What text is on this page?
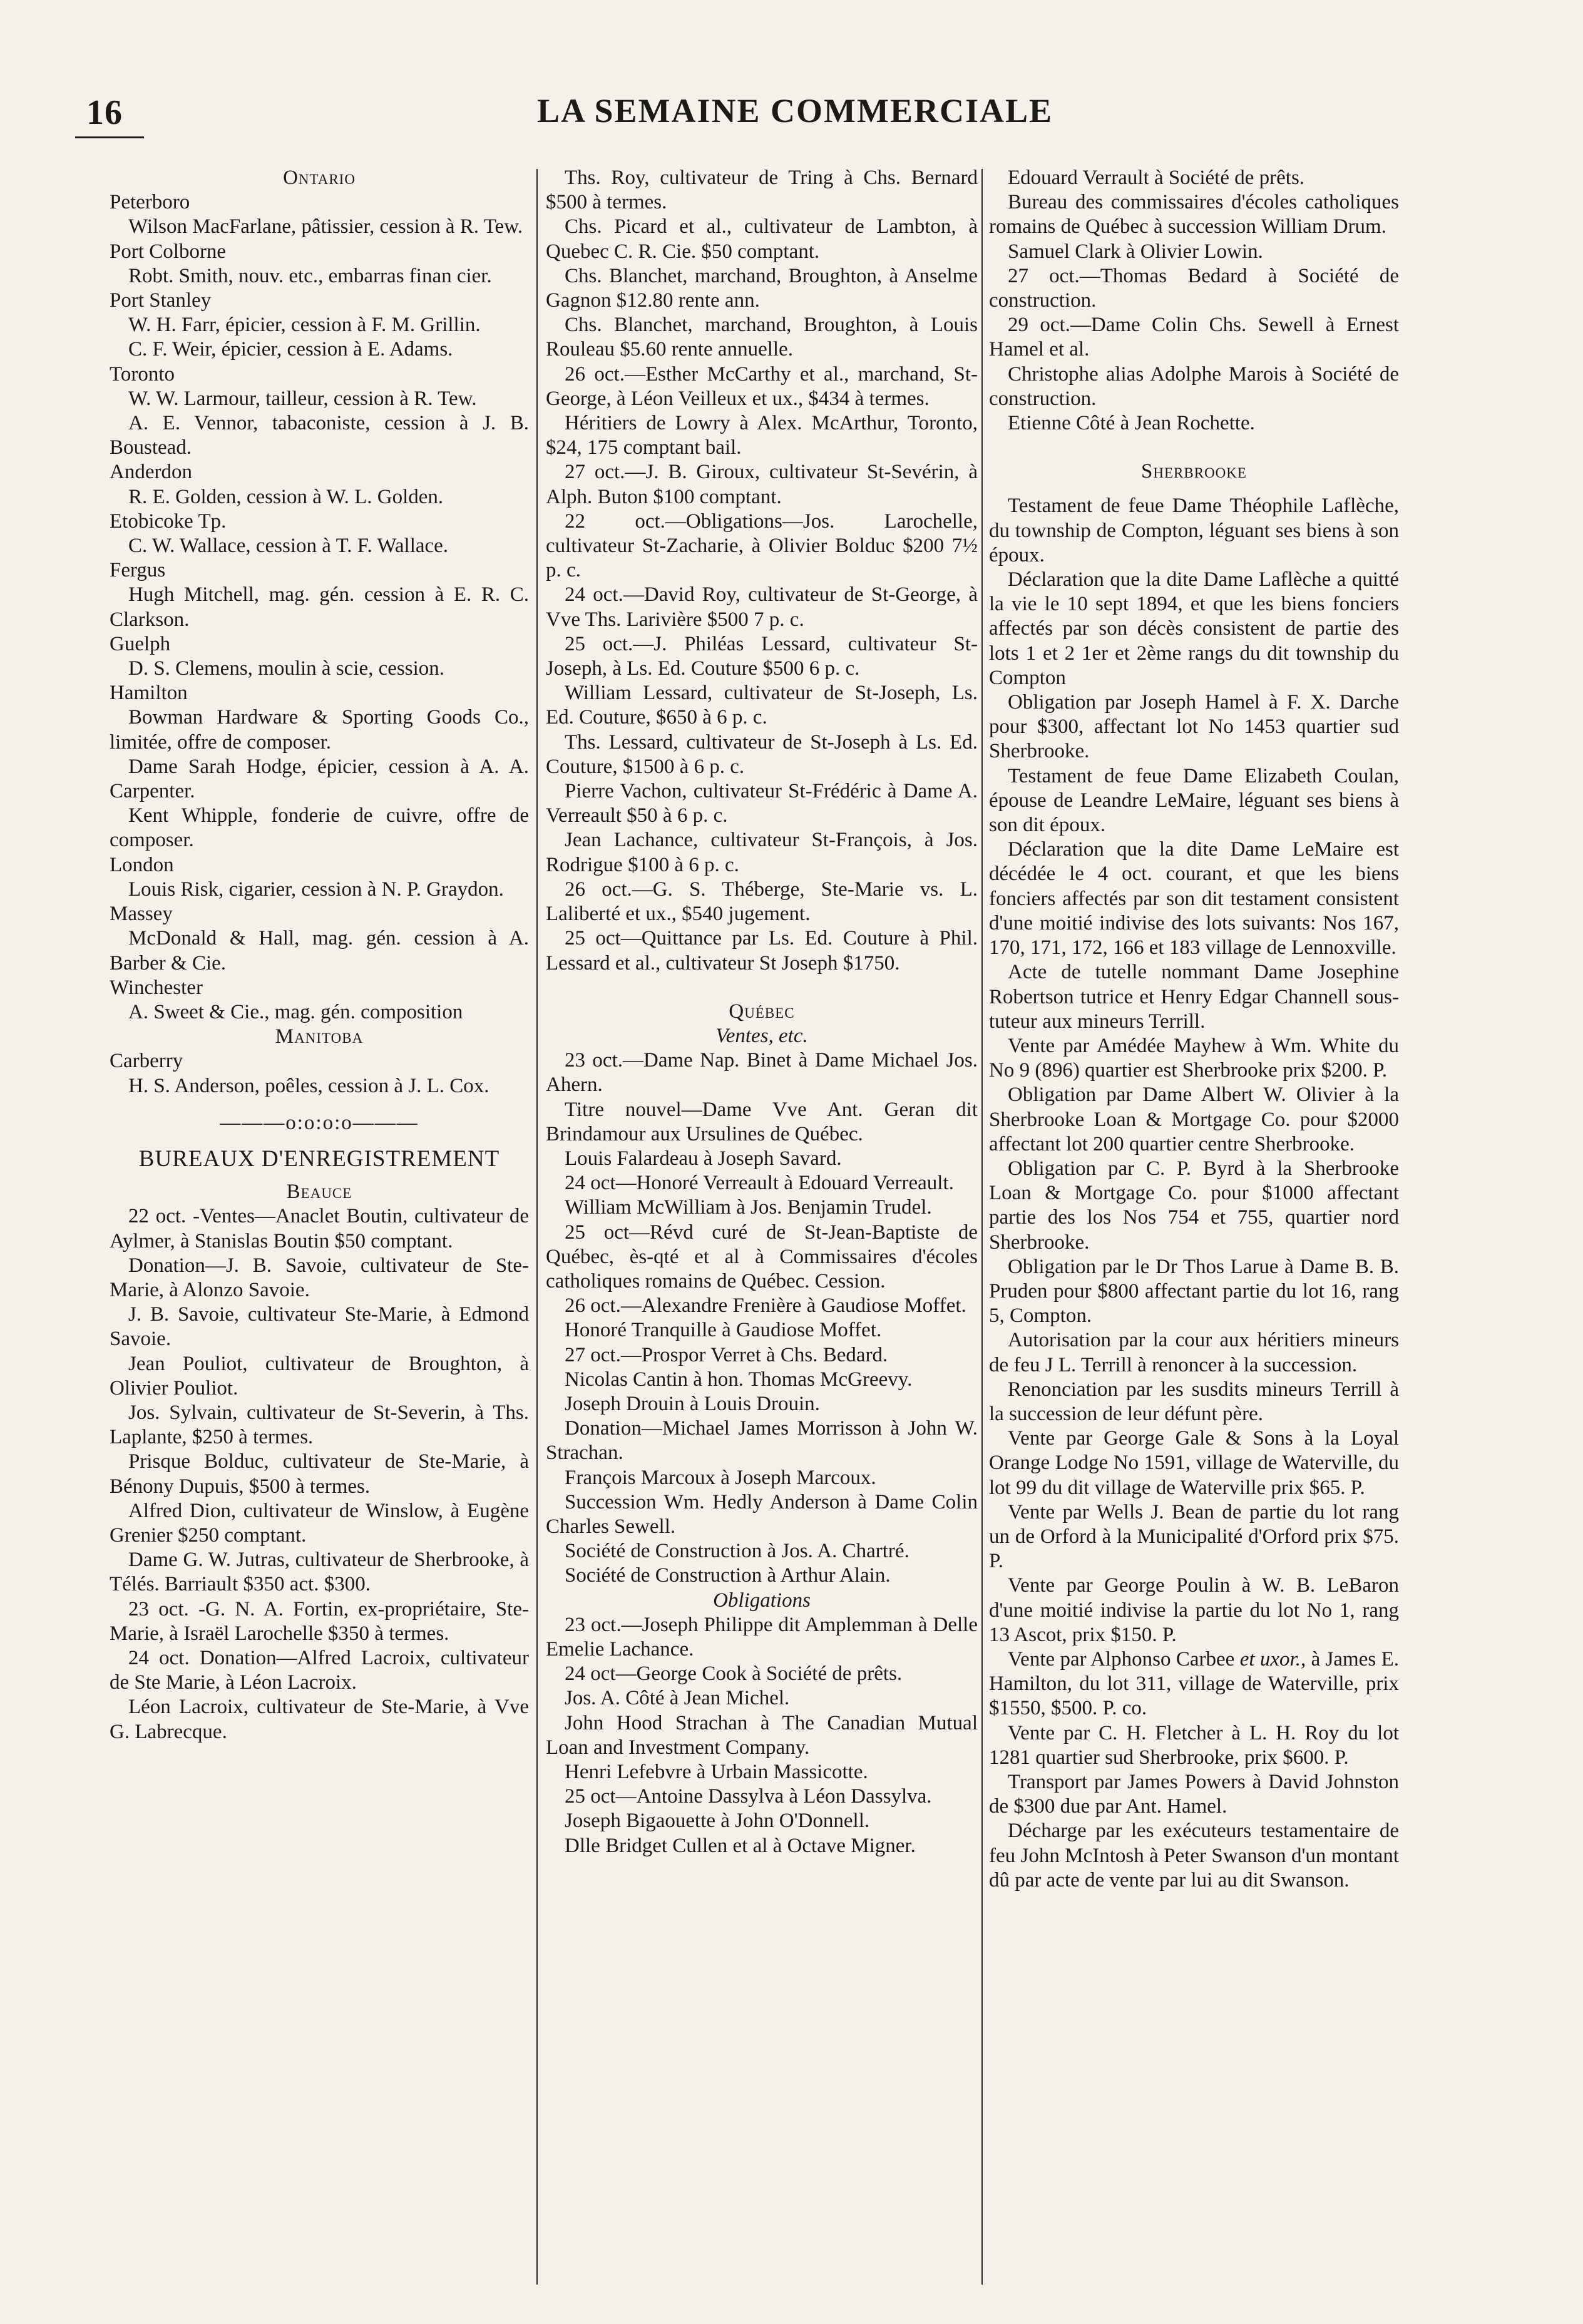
16	LA SEMAINE COMMERCIALE

Ontario

Peterboro

Wilson MacFarlane, pâtissier, cession à R. Tew.

Port Colborne

Robt. Smith, nouv. etc., embarras finan cier.

Port Stanley

W. H. Farr, épicier, cession à F. M. Grillin.

C. F. Weir, épicier, cession à E. Adams.

Toronto

W. W. Larmour, tailleur, cession à R. Tew.

A. E. Vennor, tabaconiste, cession à J. B. Boustead.

Anderdon

R. E. Golden, cession à W. L. Golden.

Etobicoke Tp.

C. W. Wallace, cession à T. F. Wallace.

Fergus

Hugh Mitchell, mag. gén. cession à E. R. C. Clarkson.

Guelph

D. S. Clemens, moulin à scie, cession.

Hamilton

Bowman Hardware & Sporting Goods Co., limitée, offre de composer.

Dame Sarah Hodge, épicier, cession à A. A. Carpenter.

Kent Whipple, fonderie de cuivre, offre de composer.

London

Louis Risk, cigarier, cession à N. P. Graydon.

Massey

McDonald & Hall, mag. gén. cession à A. Barber & Cie.

Winchester

A. Sweet & Cie., mag. gén. composition

Manitoba

Carberry

H. S. Anderson, poêles, cession à J. L. Cox.

———o:o:o:o———

BUREAUX D'ENREGISTREMENT

Beauce

22 oct. -Ventes—Anaclet Boutin, cultivateur de Aylmer, à Stanislas Boutin $50 comptant.

Donation—J. B. Savoie, cultivateur de Ste-Marie, à Alonzo Savoie.

J. B. Savoie, cultivateur Ste-Marie, à Edmond Savoie.

Jean Pouliot, cultivateur de Broughton, à Olivier Pouliot.

Jos. Sylvain, cultivateur de St-Severin, à Ths. Laplante, $250 à termes.

Prisque Bolduc, cultivateur de Ste-Marie, à Bénony Dupuis, $500 à termes.

Alfred Dion, cultivateur de Winslow, à Eugène Grenier $250 comptant.

Dame G. W. Jutras, cultivateur de Sherbrooke, à Télés. Barriault $350 act. $300.

23 oct. -G. N. A. Fortin, ex-propriétaire, Ste-Marie, à Israël Larochelle $350 à termes.

24 oct. Donation—Alfred Lacroix, cultivateur de Ste Marie, à Léon Lacroix.

Léon Lacroix, cultivateur de Ste-Marie, à Vve G. Labrecque.

Ths. Roy, cultivateur de Tring à Chs. Bernard $500 à termes.

Chs. Picard et al., cultivateur de Lambton, à Quebec C. R. Cie. $50 comptant.

Chs. Blanchet, marchand, Broughton, à Anselme Gagnon $12.80 rente ann.

Chs. Blanchet, marchand, Broughton, à Louis Rouleau $5.60 rente annuelle.

26 oct.—Esther McCarthy et al., marchand, St-George, à Léon Veilleux et ux., $434 à termes.

Héritiers de Lowry à Alex. McArthur, Toronto, $24, 175 comptant bail.

27 oct.—J. B. Giroux, cultivateur St-Sevérin, à Alph. Buton $100 comptant.

22 oct.—Obligations—Jos. Larochelle, cultivateur St-Zacharie, à Olivier Bolduc $200 7½ p. c.

24 oct.—David Roy, cultivateur de St-George, à Vve Ths. Larivière $500 7 p. c.

25 oct.—J. Philéas Lessard, cultivateur St-Joseph, à Ls. Ed. Couture $500 6 p. c.

William Lessard, cultivateur de St-Joseph, Ls. Ed. Couture, $650 à 6 p. c.

Ths. Lessard, cultivateur de St-Joseph à Ls. Ed. Couture, $1500 à 6 p. c.

Pierre Vachon, cultivateur St-Frédéric à Dame A. Verreault $50 à 6 p. c.

Jean Lachance, cultivateur St-François, à Jos. Rodrigue $100 à 6 p. c.

26 oct.—G. S. Théberge, Ste-Marie vs. L. Laliberté et ux., $540 jugement.

25 oct—Quittance par Ls. Ed. Couture à Phil. Lessard et al., cultivateur St Joseph $1750.

Québec

Ventes, etc.

23 oct.—Dame Nap. Binet à Dame Michael Jos. Ahern.

Titre nouvel—Dame Vve Ant. Geran dit Brindamour aux Ursulines de Québec.

Louis Falardeau à Joseph Savard.

24 oct—Honoré Verreault à Edouard Verreault.

William McWilliam à Jos. Benjamin Trudel.

25 oct—Révd curé de St-Jean-Baptiste de Québec, ès-qté et al à Commissaires d'écoles catholiques romains de Québec. Cession.

26 oct.—Alexandre Frenière à Gaudiose Moffet.

Honoré Tranquille à Gaudiose Moffet.

27 oct.—Prospor Verret à Chs. Bedard.

Nicolas Cantin à hon. Thomas McGreevy.

Joseph Drouin à Louis Drouin.

Donation—Michael James Morrisson à John W. Strachan.

François Marcoux à Joseph Marcoux.

Succession Wm. Hedly Anderson à Dame Colin Charles Sewell.

Société de Construction à Jos. A. Chartré.

Société de Construction à Arthur Alain.

Obligations

23 oct.—Joseph Philippe dit Amplemman à Delle Emelie Lachance.

24 oct—George Cook à Société de prêts.

Jos. A. Côté à Jean Michel.

John Hood Strachan à The Canadian Mutual Loan and Investment Company.

Henri Lefebvre à Urbain Massicotte.

25 oct—Antoine Dassylva à Léon Dassylva.

Joseph Bigaouette à John O'Donnell.

Dlle Bridget Cullen et al à Octave Migner.

Edouard Verrault à Société de prêts.

Bureau des commissaires d'écoles catholiques romains de Québec à succession William Drum.

Samuel Clark à Olivier Lowin.

27 oct.—Thomas Bedard à Société de construction.

29 oct.—Dame Colin Chs. Sewell à Ernest Hamel et al.

Christophe alias Adolphe Marois à Société de construction.

Etienne Côté à Jean Rochette.

Sherbrooke

Testament de feue Dame Théophile Laflèche, du township de Compton, léguant ses biens à son époux.

Déclaration que la dite Dame Laflèche a quitté la vie le 10 sept 1894, et que les biens fonciers affectés par son décès consistent de partie des lots 1 et 2 1er et 2ème rangs du dit township du Compton

Obligation par Joseph Hamel à F. X. Darche pour $300, affectant lot No 1453 quartier sud Sherbrooke.

Testament de feue Dame Elizabeth Coulan, épouse de Leandre LeMaire, léguant ses biens à son dit époux.

Déclaration que la dite Dame LeMaire est décédée le 4 oct. courant, et que les biens fonciers affectés par son dit testament consistent d'une moitié indivise des lots suivants: Nos 167, 170, 171, 172, 166 et 183 village de Lennoxville.

Acte de tutelle nommant Dame Josephine Robertson tutrice et Henry Edgar Channell sous-tuteur aux mineurs Terrill.

Vente par Amédée Mayhew à Wm. White du No 9 (896) quartier est Sherbrooke prix $200. P.

Obligation par Dame Albert W. Olivier à la Sherbrooke Loan & Mortgage Co. pour $2000 affectant lot 200 quartier centre Sherbrooke.

Obligation par C. P. Byrd à la Sherbrooke Loan & Mortgage Co. pour $1000 affectant partie des los Nos 754 et 755, quartier nord Sherbrooke.

Obligation par le Dr Thos Larue à Dame B. B. Pruden pour $800 affectant partie du lot 16, rang 5, Compton.

Autorisation par la cour aux héritiers mineurs de feu J L. Terrill à renoncer à la succession.

Renonciation par les susdits mineurs Terrill à la succession de leur défunt père.

Vente par George Gale & Sons à la Loyal Orange Lodge No 1591, village de Waterville, du lot 99 du dit village de Waterville prix $65. P.

Vente par Wells J. Bean de partie du lot rang un de Orford à la Municipalité d'Orford prix $75. P.

Vente par George Poulin à W. B. LeBaron d'une moitié indivise la partie du lot No 1, rang 13 Ascot, prix $150. P.

Vente par Alphonso Carbee et uxor., à James E. Hamilton, du lot 311, village de Waterville, prix $1550, $500. P. co.

Vente par C. H. Fletcher à L. H. Roy du lot 1281 quartier sud Sherbrooke, prix $600. P.

Transport par James Powers à David Johnston de $300 due par Ant. Hamel.

Décharge par les exécuteurs testamentaire de feu John McIntosh à Peter Swanson d'un montant dû par acte de vente par lui au dit Swanson.
